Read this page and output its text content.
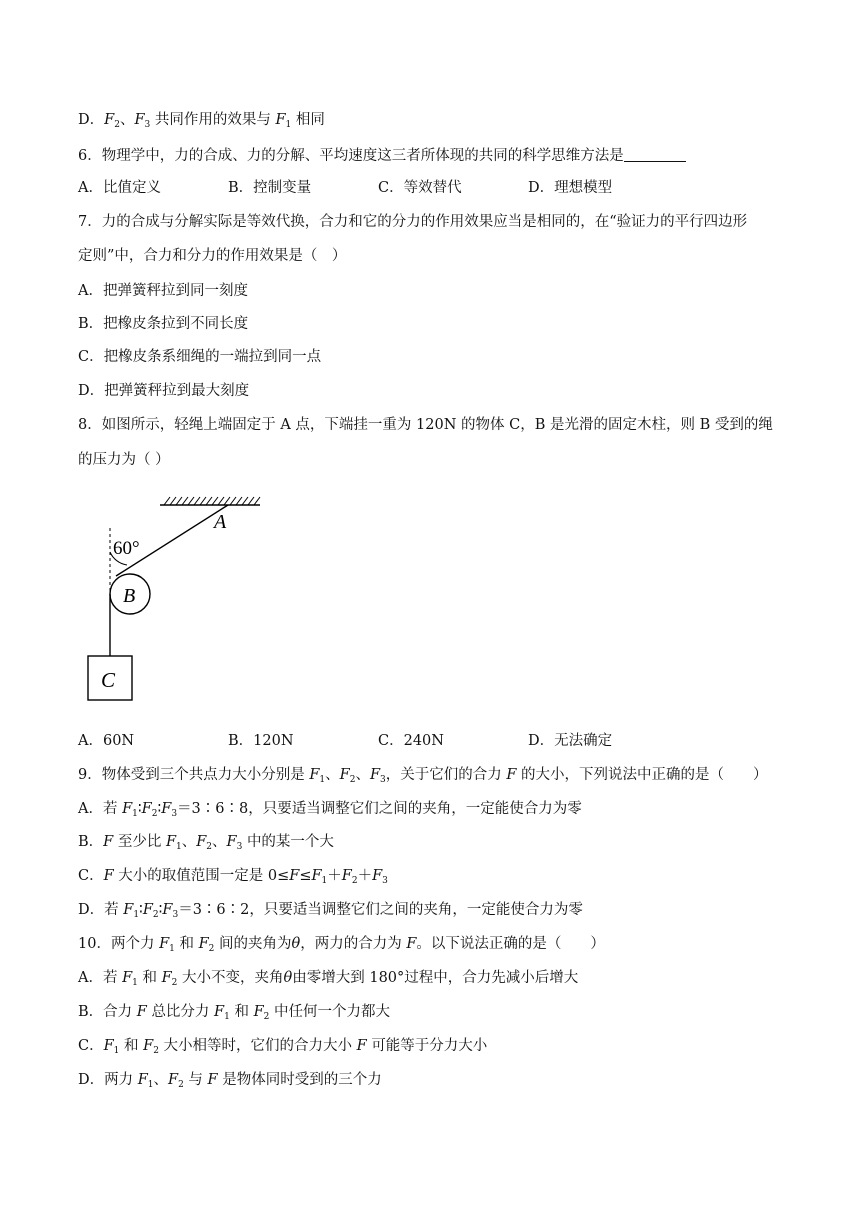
D．$F_2$、$F_3$ 共同作用的效果与 $F_1$ 相同
6．物理学中，力的合成、力的分解、平均速度这三者所体现的共同的科学思维方法是
A．比值定义	B．控制变量	C．等效替代	D．理想模型
7．力的合成与分解实际是等效代换，合力和它的分力的作用效果应当是相同的，在“验证力的平行四边形
定则”中，合力和分力的作用效果是（　）
A．把弹簧秤拉到同一刻度
B．把橡皮条拉到不同长度
C．把橡皮条系细绳的一端拉到同一点
D．把弹簧秤拉到最大刻度
8．如图所示，轻绳上端固定于 A 点，下端挂一重为 120N 的物体 C，B 是光滑的固定木柱，则 B 受到的绳
的压力为（ ）
60°
A
B
C
A．60N	B．120N	C．240N	D．无法确定
9．物体受到三个共点力大小分别是 $F_1$、$F_2$、$F_3$，关于它们的合力 F 的大小，下列说法中正确的是（　　）
A．若 $F_1∶F_2∶F_3=3∶6∶8$，只要适当调整它们之间的夹角，一定能使合力为零
B．F 至少比 $F_1$、$F_2$、$F_3$ 中的某一个大
C．F 大小的取值范围一定是 $0\le F\le F_1+F_2+F_3$
D．若 $F_1∶F_2∶F_3=3∶6∶2$，只要适当调整它们之间的夹角，一定能使合力为零
10．两个力 $F_1$ 和 $F_2$ 间的夹角为θ，两力的合力为 F。以下说法正确的是（　　）
A．若 $F_1$ 和 $F_2$ 大小不变，夹角θ由零增大到 180°过程中，合力先减小后增大
B．合力 F 总比分力 $F_1$ 和 $F_2$ 中任何一个力都大
C．$F_1$ 和 $F_2$ 大小相等时，它们的合力大小 F 可能等于分力大小
D．两力 $F_1$、$F_2$ 与 F 是物体同时受到的三个力
